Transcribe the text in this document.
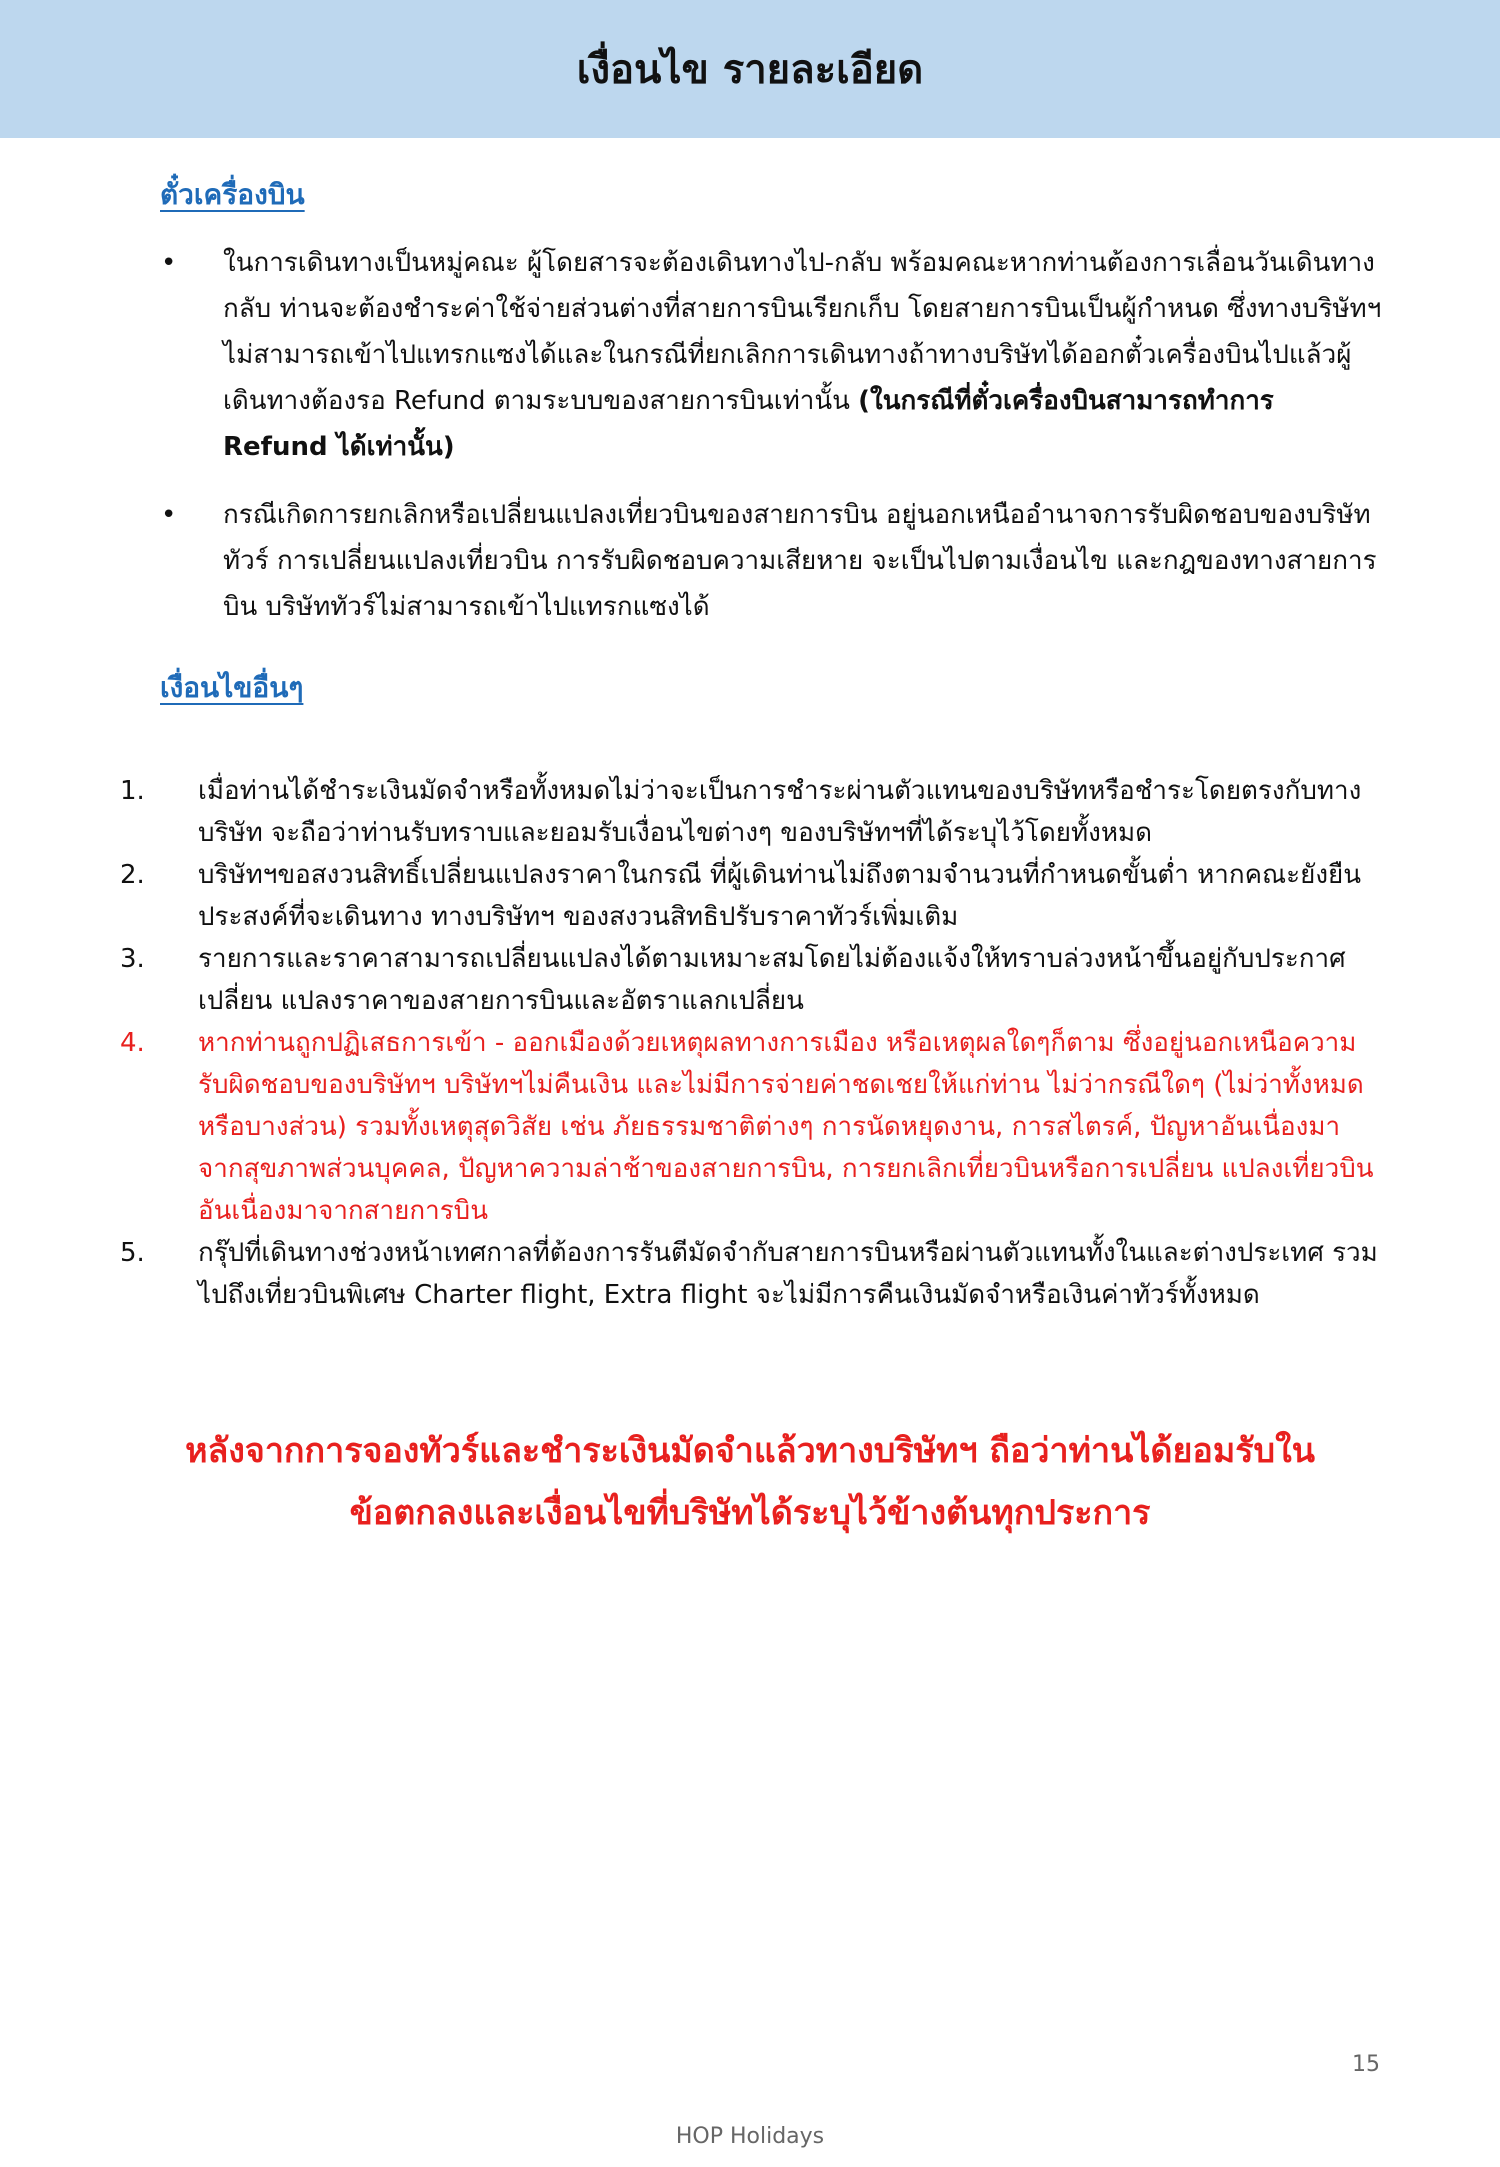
เงื่อนไข รายละเอียด
ตั๋วเครื่องบิน
• ในการเดินทางเป็นหมู่คณะ ผู้โดยสารจะต้องเดินทางไป-กลับ พร้อมคณะหากท่านต้องการเลื่อนวันเดินทางกลับ ท่านจะต้องชำระค่าใช้จ่ายส่วนต่างที่สายการบินเรียกเก็บ โดยสายการบินเป็นผู้กำหนด ซึ่งทางบริษัทฯ ไม่สามารถเข้าไปแทรกแซงได้และในกรณีที่ยกเลิกการเดินทางถ้าทางบริษัทได้ออกตั๋วเครื่องบินไปแล้วผู้เดินทางต้องรอ Refund ตามระบบของสายการบินเท่านั้น (ในกรณีที่ตั๋วเครื่องบินสามารถทำการ Refund ได้เท่านั้น)
• กรณีเกิดการยกเลิกหรือเปลี่ยนแปลงเที่ยวบินของสายการบิน อยู่นอกเหนืออำนาจการรับผิดชอบของบริษัททัวร์ การเปลี่ยนแปลงเที่ยวบิน การรับผิดชอบความเสียหาย จะเป็นไปตามเงื่อนไข และกฎของทางสายการบิน บริษัททัวร์ไม่สามารถเข้าไปแทรกแซงได้
เงื่อนไขอื่นๆ
1. เมื่อท่านได้ชำระเงินมัดจำหรือทั้งหมดไม่ว่าจะเป็นการชำระผ่านตัวแทนของบริษัทหรือชำระโดยตรงกับทางบริษัท จะถือว่าท่านรับทราบและยอมรับเงื่อนไขต่างๆ ของบริษัทฯที่ได้ระบุไว้โดยทั้งหมด
2. บริษัทฯขอสงวนสิทธิ์เปลี่ยนแปลงราคาในกรณี ที่ผู้เดินท่านไม่ถึงตามจำนวนที่กำหนดขั้นต่ำ หากคณะยังยืนประสงค์ที่จะเดินทาง ทางบริษัทฯ ของสงวนสิทธิปรับราคาทัวร์เพิ่มเติม
3. รายการและราคาสามารถเปลี่ยนแปลงได้ตามเหมาะสมโดยไม่ต้องแจ้งให้ทราบล่วงหน้าขึ้นอยู่กับประกาศเปลี่ยน แปลงราคาของสายการบินและอัตราแลกเปลี่ยน
4. หากท่านถูกปฏิเสธการเข้า - ออกเมืองด้วยเหตุผลทางการเมือง หรือเหตุผลใดๆก็ตาม ซึ่งอยู่นอกเหนือความรับผิดชอบของบริษัทฯ บริษัทฯไม่คืนเงิน และไม่มีการจ่ายค่าชดเชยให้แก่ท่าน ไม่ว่ากรณีใดๆ (ไม่ว่าทั้งหมดหรือบางส่วน) รวมทั้งเหตุสุดวิสัย เช่น ภัยธรรมชาติต่างๆ การนัดหยุดงาน, การสไตรค์, ปัญหาอันเนื่องมาจากสุขภาพส่วนบุคคล, ปัญหาความล่าช้าของสายการบิน, การยกเลิกเที่ยวบินหรือการเปลี่ยน แปลงเที่ยวบิน อันเนื่องมาจากสายการบิน
5. กรุ๊ปที่เดินทางช่วงหน้าเทศกาลที่ต้องการรันตีมัดจำกับสายการบินหรือผ่านตัวแทนทั้งในและต่างประเทศ รวมไปถึงเที่ยวบินพิเศษ Charter flight, Extra flight จะไม่มีการคืนเงินมัดจำหรือเงินค่าทัวร์ทั้งหมด
หลังจากการจองทัวร์และชำระเงินมัดจำแล้วทางบริษัทฯ ถือว่าท่านได้ยอมรับใน
ข้อตกลงและเงื่อนไขที่บริษัทได้ระบุไว้ข้างต้นทุกประการ
15
HOP Holidays
